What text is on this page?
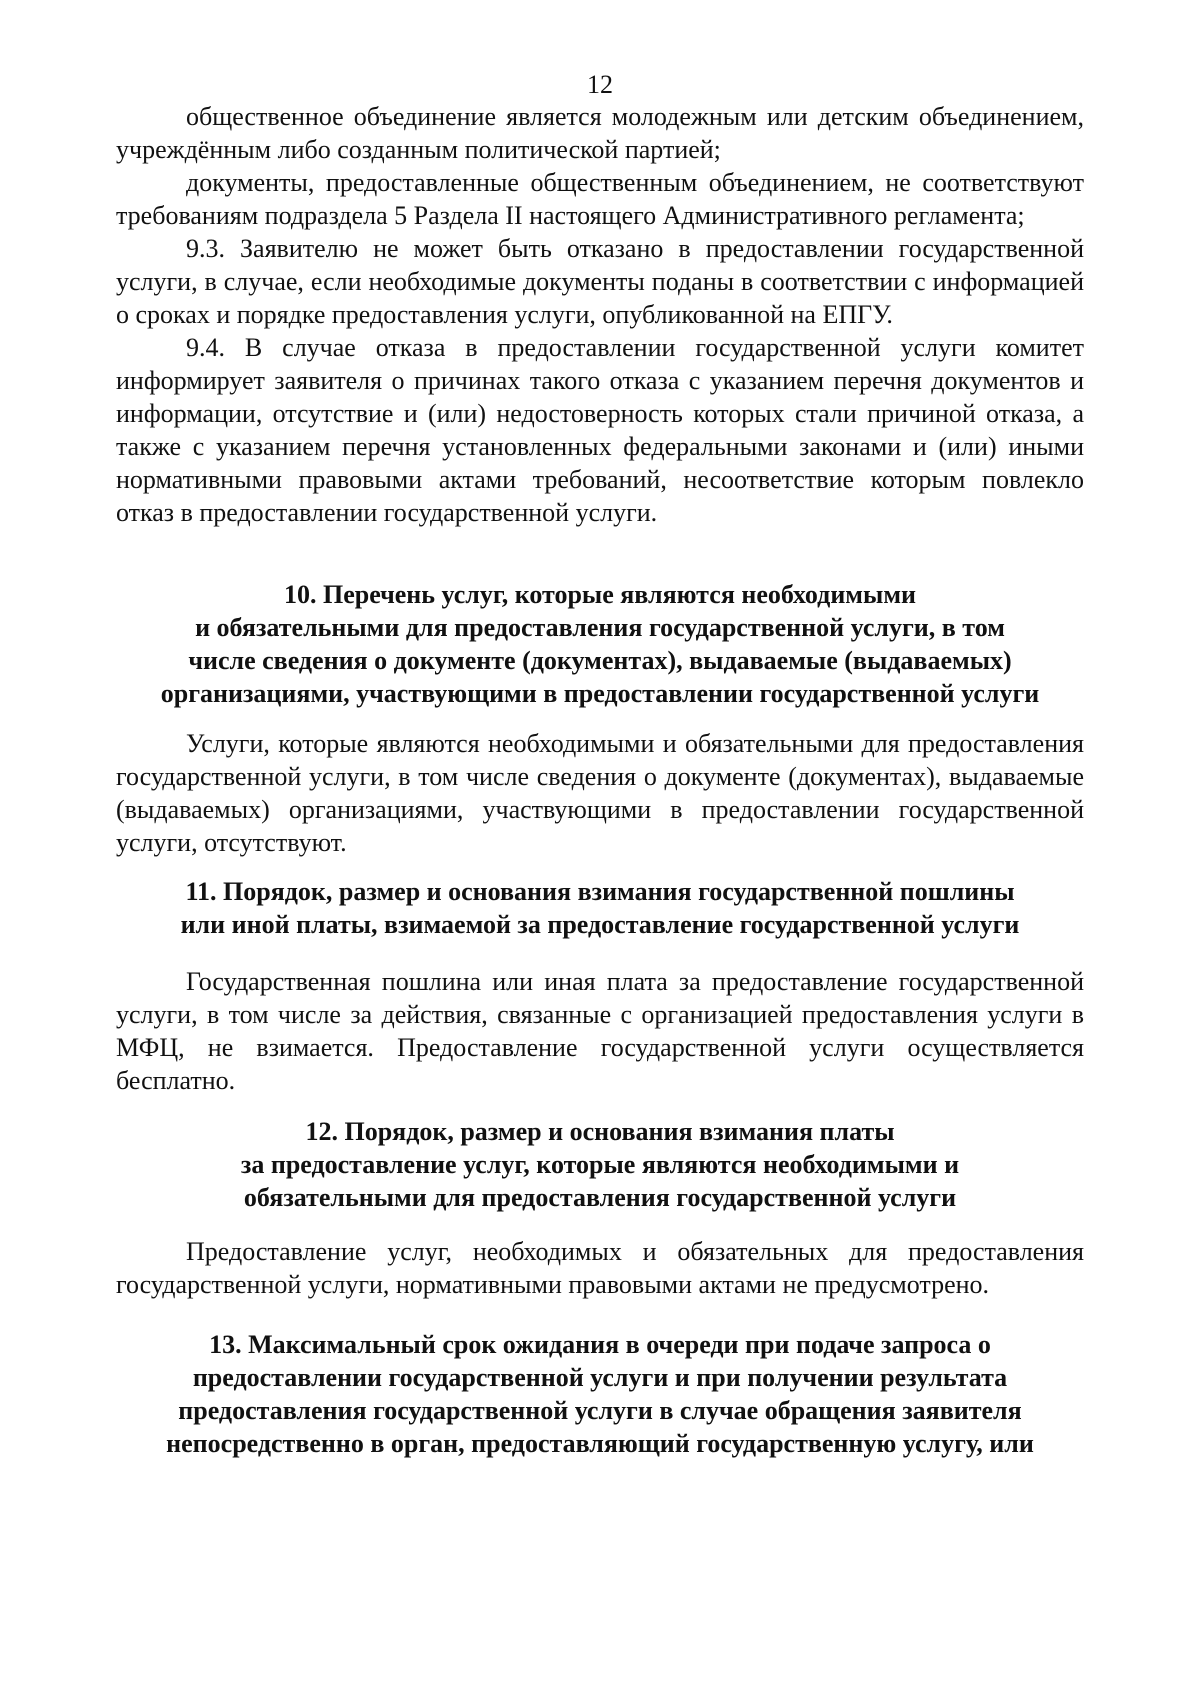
12

общественное объединение является молодежным или детским объединением, учреждённым либо созданным политической партией;

документы, предоставленные общественным объединением, не соответствуют требованиям подраздела 5 Раздела II настоящего Административного регламента;

9.3. Заявителю не может быть отказано в предоставлении государственной услуги, в случае, если необходимые документы поданы в соответствии с информацией о сроках и порядке предоставления услуги, опубликованной на ЕПГУ.

9.4. В случае отказа в предоставлении государственной услуги комитет информирует заявителя о причинах такого отказа с указанием перечня документов и информации, отсутствие и (или) недостоверность которых стали причиной отказа, а также с указанием перечня установленных федеральными законами и (или) иными нормативными правовыми актами требований, несоответствие которым повлекло отказ в предоставлении государственной услуги.

10. Перечень услуг, которые являются необходимыми
и обязательными для предоставления государственной услуги, в том
числе сведения о документе (документах), выдаваемые (выдаваемых)
организациями, участвующими в предоставлении государственной услуги

Услуги, которые являются необходимыми и обязательными для предоставления государственной услуги, в том числе сведения о документе (документах), выдаваемые (выдаваемых) организациями, участвующими в предоставлении государственной услуги, отсутствуют.

11. Порядок, размер и основания взимания государственной пошлины
или иной платы, взимаемой за предоставление государственной услуги

Государственная пошлина или иная плата за предоставление государственной услуги, в том числе за действия, связанные с организацией предоставления услуги в МФЦ, не взимается. Предоставление государственной услуги осуществляется бесплатно.

12. Порядок, размер и основания взимания платы
за предоставление услуг, которые являются необходимыми и
обязательными для предоставления государственной услуги

Предоставление услуг, необходимых и обязательных для предоставления государственной услуги, нормативными правовыми актами не предусмотрено.

13. Максимальный срок ожидания в очереди при подаче запроса о
предоставлении государственной услуги и при получении результата
предоставления государственной услуги в случае обращения заявителя
непосредственно в орган, предоставляющий государственную услугу, или
